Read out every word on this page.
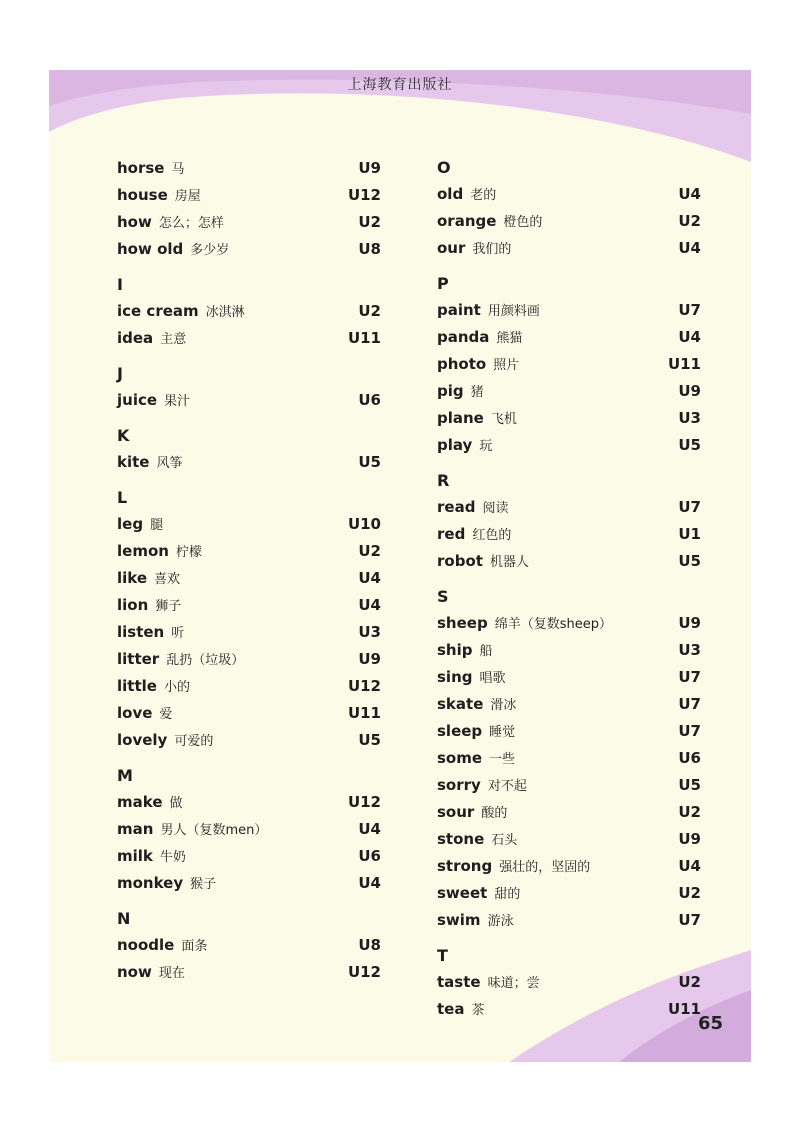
上海教育出版社
horse 马	U9
house 房屋	U12
how 怎么；怎样	U2
how old 多少岁	U8
I
ice cream 冰淇淋	U2
idea 主意	U11
J
juice 果汁	U6
K
kite 风筝	U5
L
leg 腿	U10
lemon 柠檬	U2
like 喜欢	U4
lion 狮子	U4
listen 听	U3
litter 乱扔（垃圾）	U9
little 小的	U12
love 爱	U11
lovely 可爱的	U5
M
make 做	U12
man 男人（复数men）	U4
milk 牛奶	U6
monkey 猴子	U4
N
noodle 面条	U8
now 现在	U12
O
old 老的	U4
orange 橙色的	U2
our 我们的	U4
P
paint 用颜料画	U7
panda 熊猫	U4
photo 照片	U11
pig 猪	U9
plane 飞机	U3
play 玩	U5
R
read 阅读	U7
red 红色的	U1
robot 机器人	U5
S
sheep 绵羊（复数sheep）	U9
ship 船	U3
sing 唱歌	U7
skate 滑冰	U7
sleep 睡觉	U7
some 一些	U6
sorry 对不起	U5
sour 酸的	U2
stone 石头	U9
strong 强壮的，坚固的	U4
sweet 甜的	U2
swim 游泳	U7
T
taste 味道；尝	U2
tea 茶	U11
65
